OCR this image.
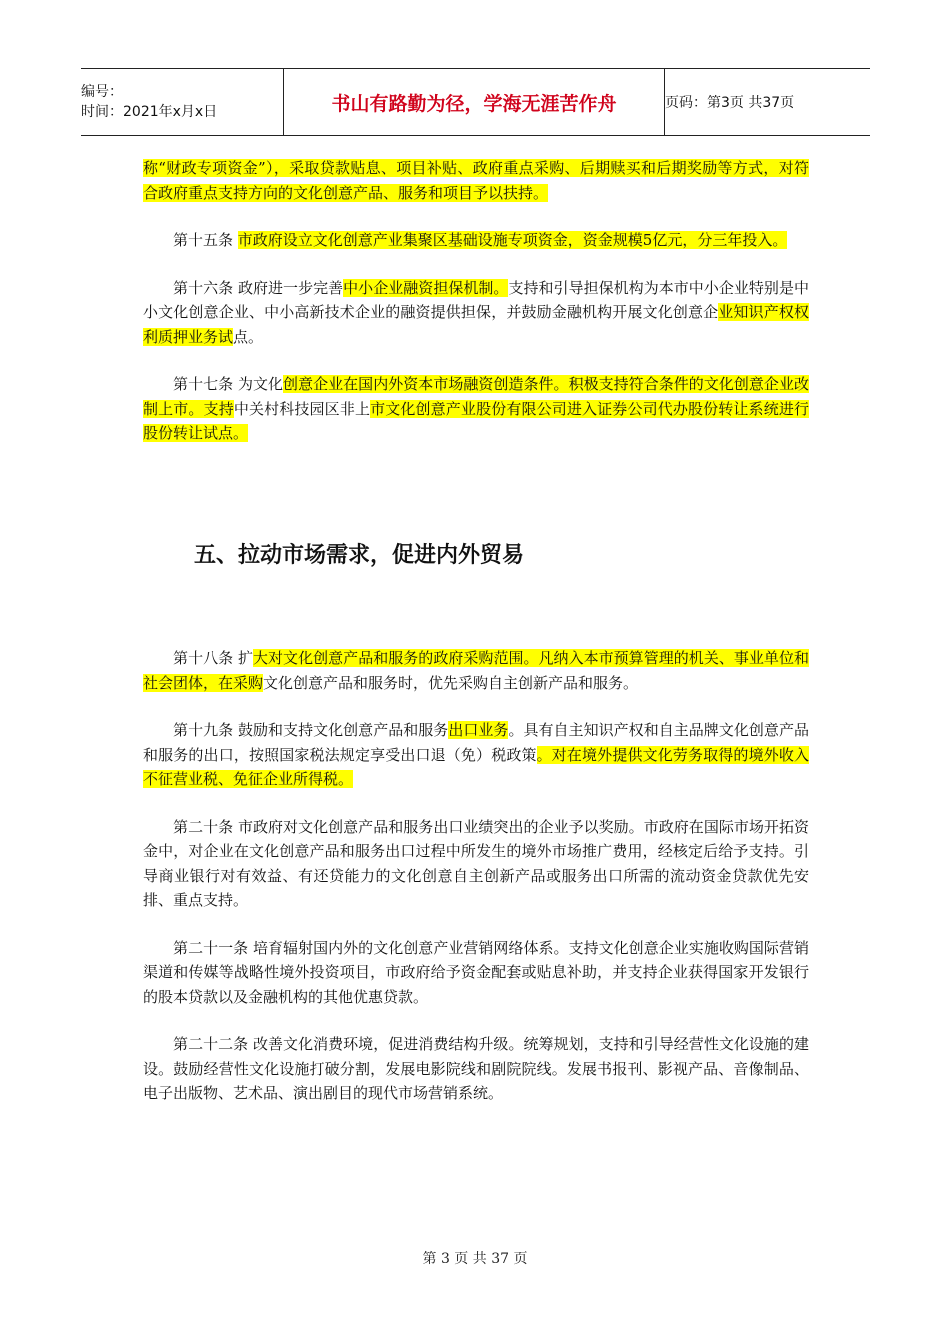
编号：
时间：2021年x月x日	书山有路勤为径，学海无涯苦作舟	页码：第3页 共37页

称“财政专项资金”），采取贷款贴息、项目补贴、政府重点采购、后期赎买和后期奖励等方式，对符合政府重点支持方向的文化创意产品、服务和项目予以扶持。

　　第十五条 市政府设立文化创意产业集聚区基础设施专项资金，资金规模5亿元，分三年投入。

　　第十六条 政府进一步完善中小企业融资担保机制。支持和引导担保机构为本市中小企业特别是中小文化创意企业、中小高新技术企业的融资提供担保，并鼓励金融机构开展文化创意企业知识产权权利质押业务试点。

　　第十七条 为文化创意企业在国内外资本市场融资创造条件。积极支持符合条件的文化创意企业改制上市。支持中关村科技园区非上市文化创意产业股份有限公司进入证券公司代办股份转让系统进行股份转让试点。

五、拉动市场需求，促进内外贸易

　　第十八条 扩大对文化创意产品和服务的政府采购范围。凡纳入本市预算管理的机关、事业单位和社会团体，在采购文化创意产品和服务时，优先采购自主创新产品和服务。

　　第十九条 鼓励和支持文化创意产品和服务出口业务。具有自主知识产权和自主品牌文化创意产品和服务的出口，按照国家税法规定享受出口退（免）税政策。对在境外提供文化劳务取得的境外收入不征营业税、免征企业所得税。

　　第二十条 市政府对文化创意产品和服务出口业绩突出的企业予以奖励。市政府在国际市场开拓资金中，对企业在文化创意产品和服务出口过程中所发生的境外市场推广费用，经核定后给予支持。引导商业银行对有效益、有还贷能力的文化创意自主创新产品或服务出口所需的流动资金贷款优先安排、重点支持。

　　第二十一条 培育辐射国内外的文化创意产业营销网络体系。支持文化创意企业实施收购国际营销渠道和传媒等战略性境外投资项目，市政府给予资金配套或贴息补助，并支持企业获得国家开发银行的股本贷款以及金融机构的其他优惠贷款。

　　第二十二条 改善文化消费环境，促进消费结构升级。统筹规划，支持和引导经营性文化设施的建设。鼓励经营性文化设施打破分割，发展电影院线和剧院院线。发展书报刊、影视产品、音像制品、电子出版物、艺术品、演出剧目的现代市场营销系统。

第 3 页 共 37 页
